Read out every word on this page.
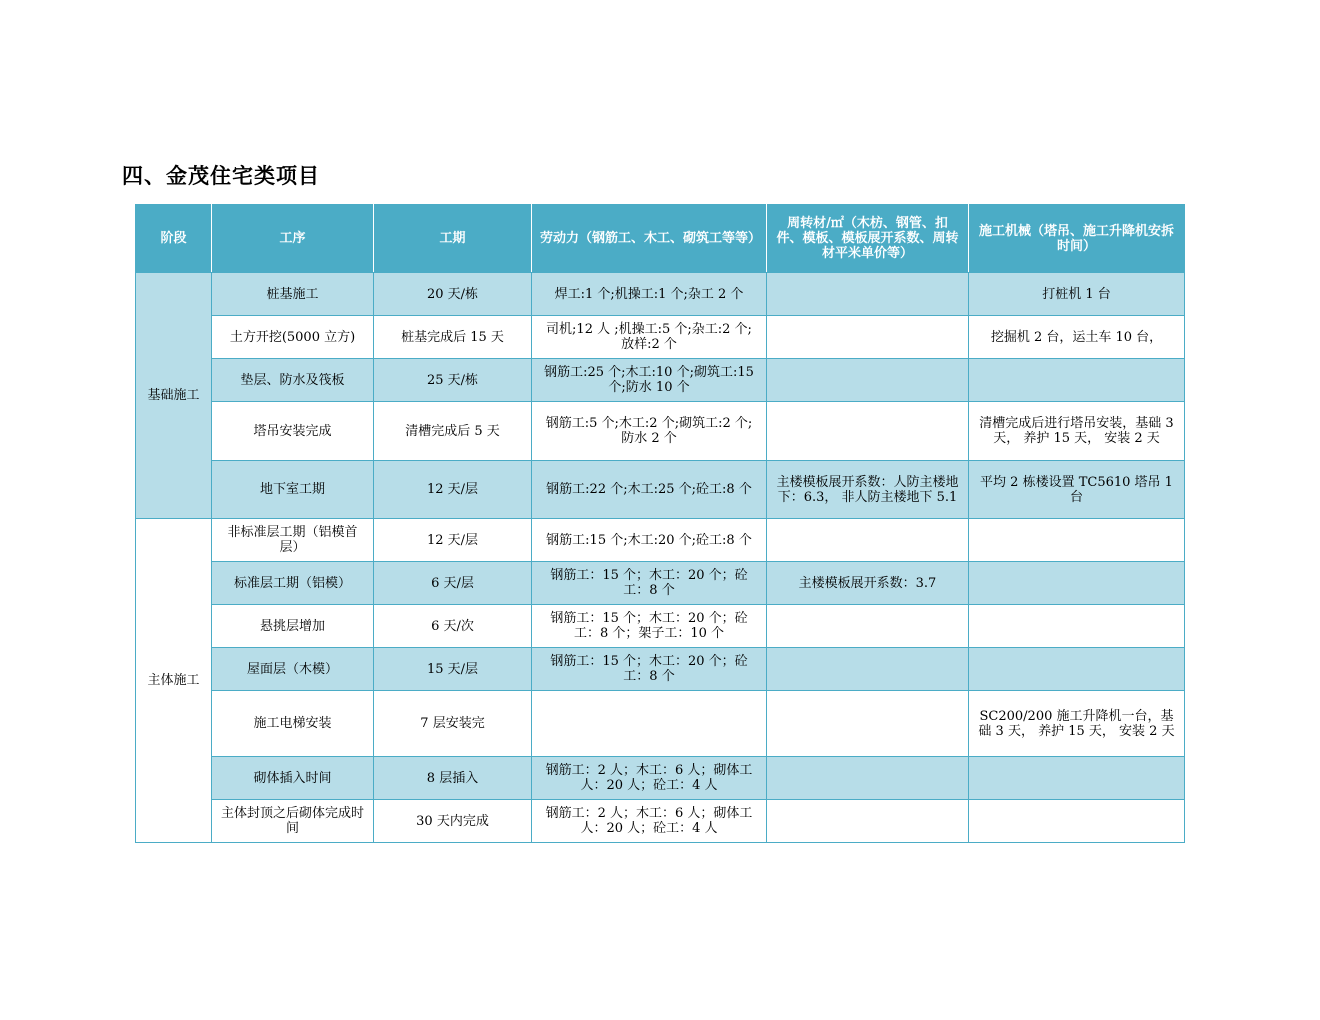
四、金茂住宅类项目
阶段	工序	工期	劳动力（钢筋工、木工、砌筑工等等）	周转材/㎡（木枋、钢管、扣件、模板、模板展开系数、周转材平米单价等）	施工机械（塔吊、施工升降机安拆时间）
基础施工	桩基施工	20 天/栋	焊工:1 个;机操工:1 个;杂工 2 个		打桩机 1 台
	土方开挖(5000 立方)	桩基完成后 15 天	司机;12 人 ;机操工:5 个;杂工:2 个;放样:2 个		挖掘机 2 台，运土车 10 台，
	垫层、防水及筏板	25 天/栋	钢筋工:25 个;木工:10 个;砌筑工:15 个;防水 10 个		
	塔吊安装完成	清槽完成后 5 天	钢筋工:5 个;木工:2 个;砌筑工:2 个;防水 2 个		清槽完成后进行塔吊安装，基础 3 天， 养护 15 天， 安装 2 天
	地下室工期	12 天/层	钢筋工:22 个;木工:25 个;砼工:8 个	主楼模板展开系数：人防主楼地下：6.3， 非人防主楼地下 5.1	平均 2 栋楼设置 TC5610 塔吊 1 台
主体施工	非标准层工期（铝模首层）	12 天/层	钢筋工:15 个;木工:20 个;砼工:8 个		
	标准层工期（铝模）	6 天/层	钢筋工：15 个；木工：20 个；砼工：8 个	主楼模板展开系数：3.7	
	悬挑层增加	6 天/次	钢筋工：15 个；木工：20 个；砼工：8 个；架子工：10 个		
	屋面层（木模）	15 天/层	钢筋工：15 个；木工：20 个；砼工：8 个		
	施工电梯安装	7 层安装完			SC200/200 施工升降机一台，基础 3 天， 养护 15 天， 安装 2 天
	砌体插入时间	8 层插入	钢筋工：2 人；木工：6 人；砌体工人：20 人；砼工：4 人		
	主体封顶之后砌体完成时间	30 天内完成	钢筋工：2 人；木工：6 人；砌体工人：20 人；砼工：4 人		
